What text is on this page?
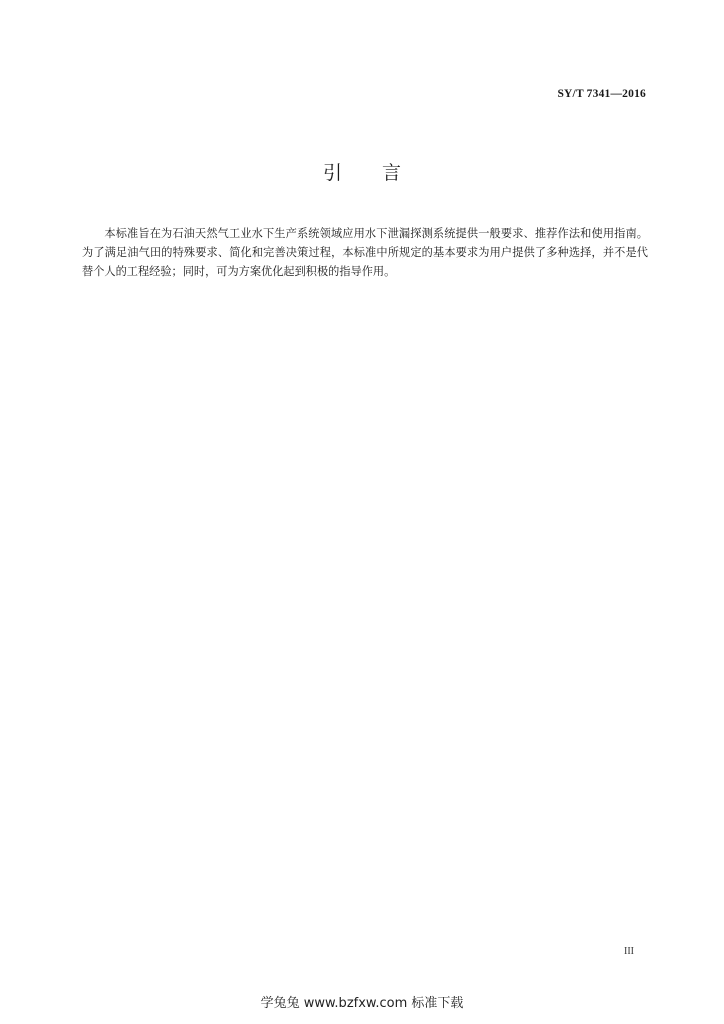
SY/T 7341—2016
引 言

本标准旨在为石油天然气工业水下生产系统领域应用水下泄漏探测系统提供一般要求、推荐作法和使用指南。为了满足油气田的特殊要求、简化和完善决策过程，本标准中所规定的基本要求为用户提供了多种选择，并不是代替个人的工程经验；同时，可为方案优化起到积极的指导作用。

III
学兔兔 www.bzfxw.com 标准下载
